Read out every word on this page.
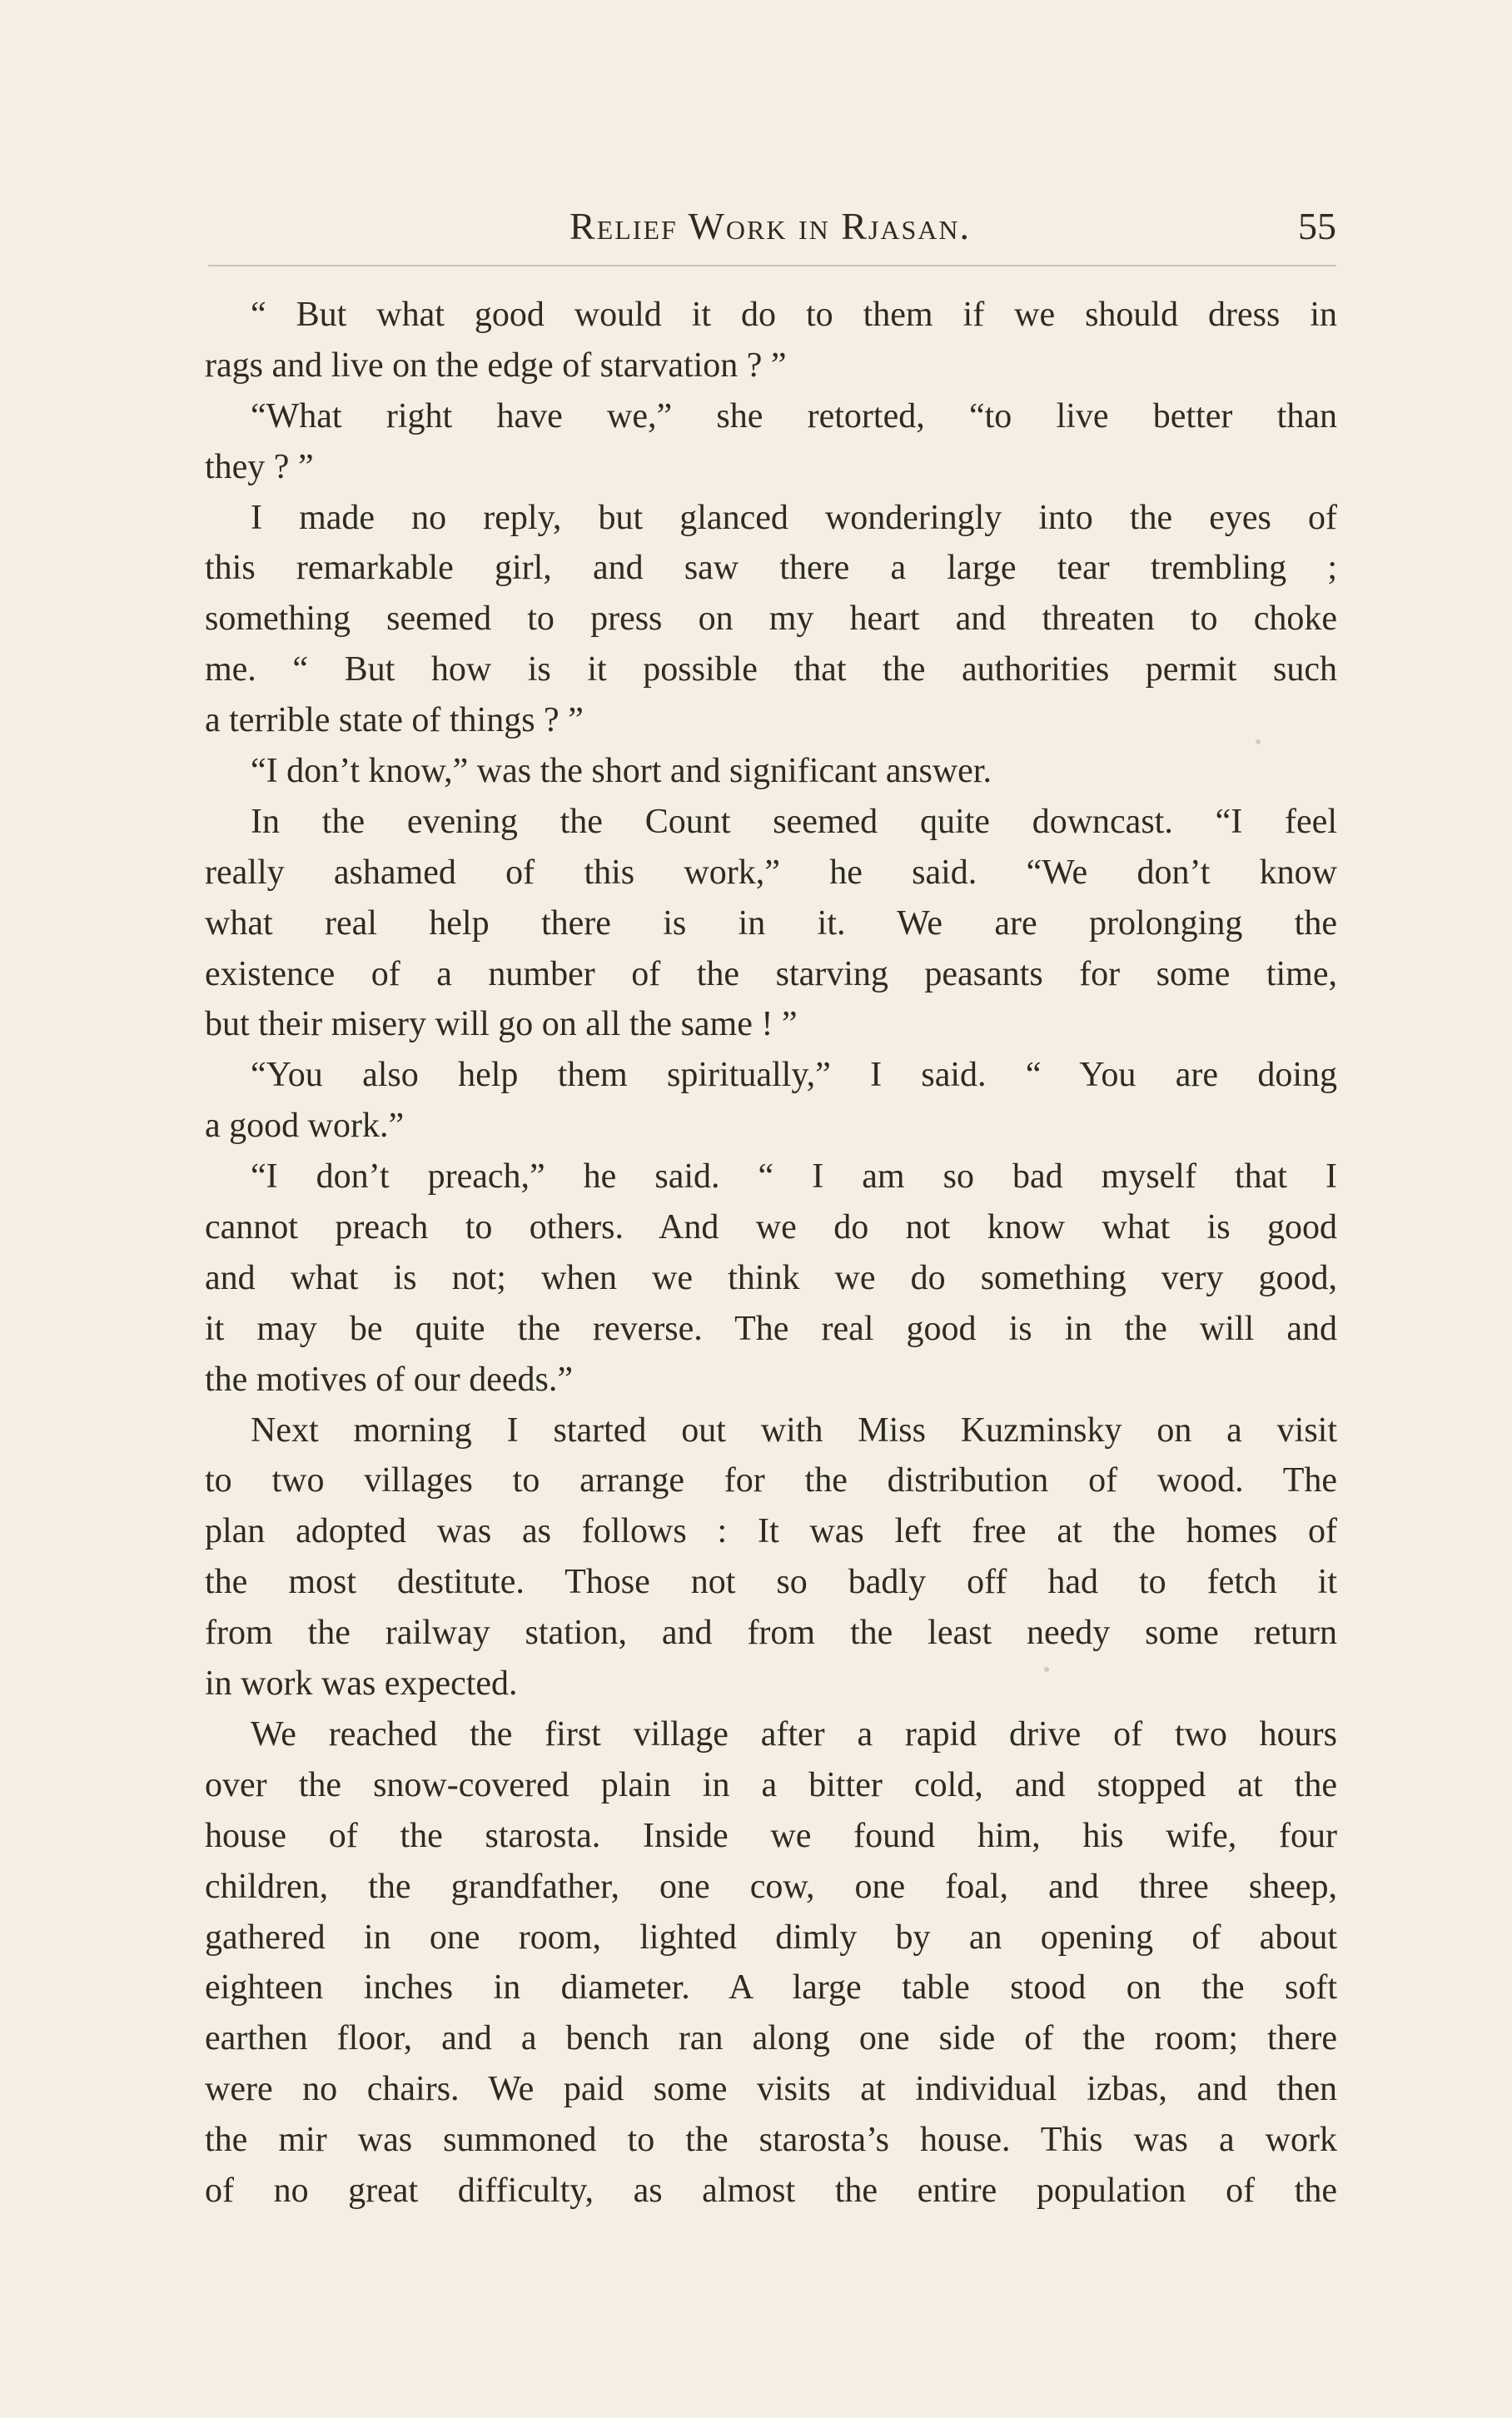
Relief Work in Rjasan.	55
“ But what good would it do to them if we should dress in
rags and live on the edge of starvation ? ”
“What right have we,” she retorted, “to live better than
they ? ”
I made no reply, but glanced wonderingly into the eyes of
this remarkable girl, and saw there a large tear trembling ;
something seemed to press on my heart and threaten to choke
me. “ But how is it possible that the authorities permit such
a terrible state of things ? ”
“I don’t know,” was the short and significant answer.
In the evening the Count seemed quite downcast. “I feel
really ashamed of this work,” he said. “We don’t know
what real help there is in it. We are prolonging the
existence of a number of the starving peasants for some time,
but their misery will go on all the same ! ”
“You also help them spiritually,” I said. “ You are doing
a good work.”
“I don’t preach,” he said. “ I am so bad myself that I
cannot preach to others. And we do not know what is good
and what is not; when we think we do something very good,
it may be quite the reverse. The real good is in the will and
the motives of our deeds.”
Next morning I started out with Miss Kuzminsky on a visit
to two villages to arrange for the distribution of wood. The
plan adopted was as follows : It was left free at the homes of
the most destitute. Those not so badly off had to fetch it
from the railway station, and from the least needy some return
in work was expected.
We reached the first village after a rapid drive of two hours
over the snow-covered plain in a bitter cold, and stopped at the
house of the starosta. Inside we found him, his wife, four
children, the grandfather, one cow, one foal, and three sheep,
gathered in one room, lighted dimly by an opening of about
eighteen inches in diameter. A large table stood on the soft
earthen floor, and a bench ran along one side of the room; there
were no chairs. We paid some visits at individual izbas, and then
the mir was summoned to the starosta’s house. This was a work
of no great difficulty, as almost the entire population of the
